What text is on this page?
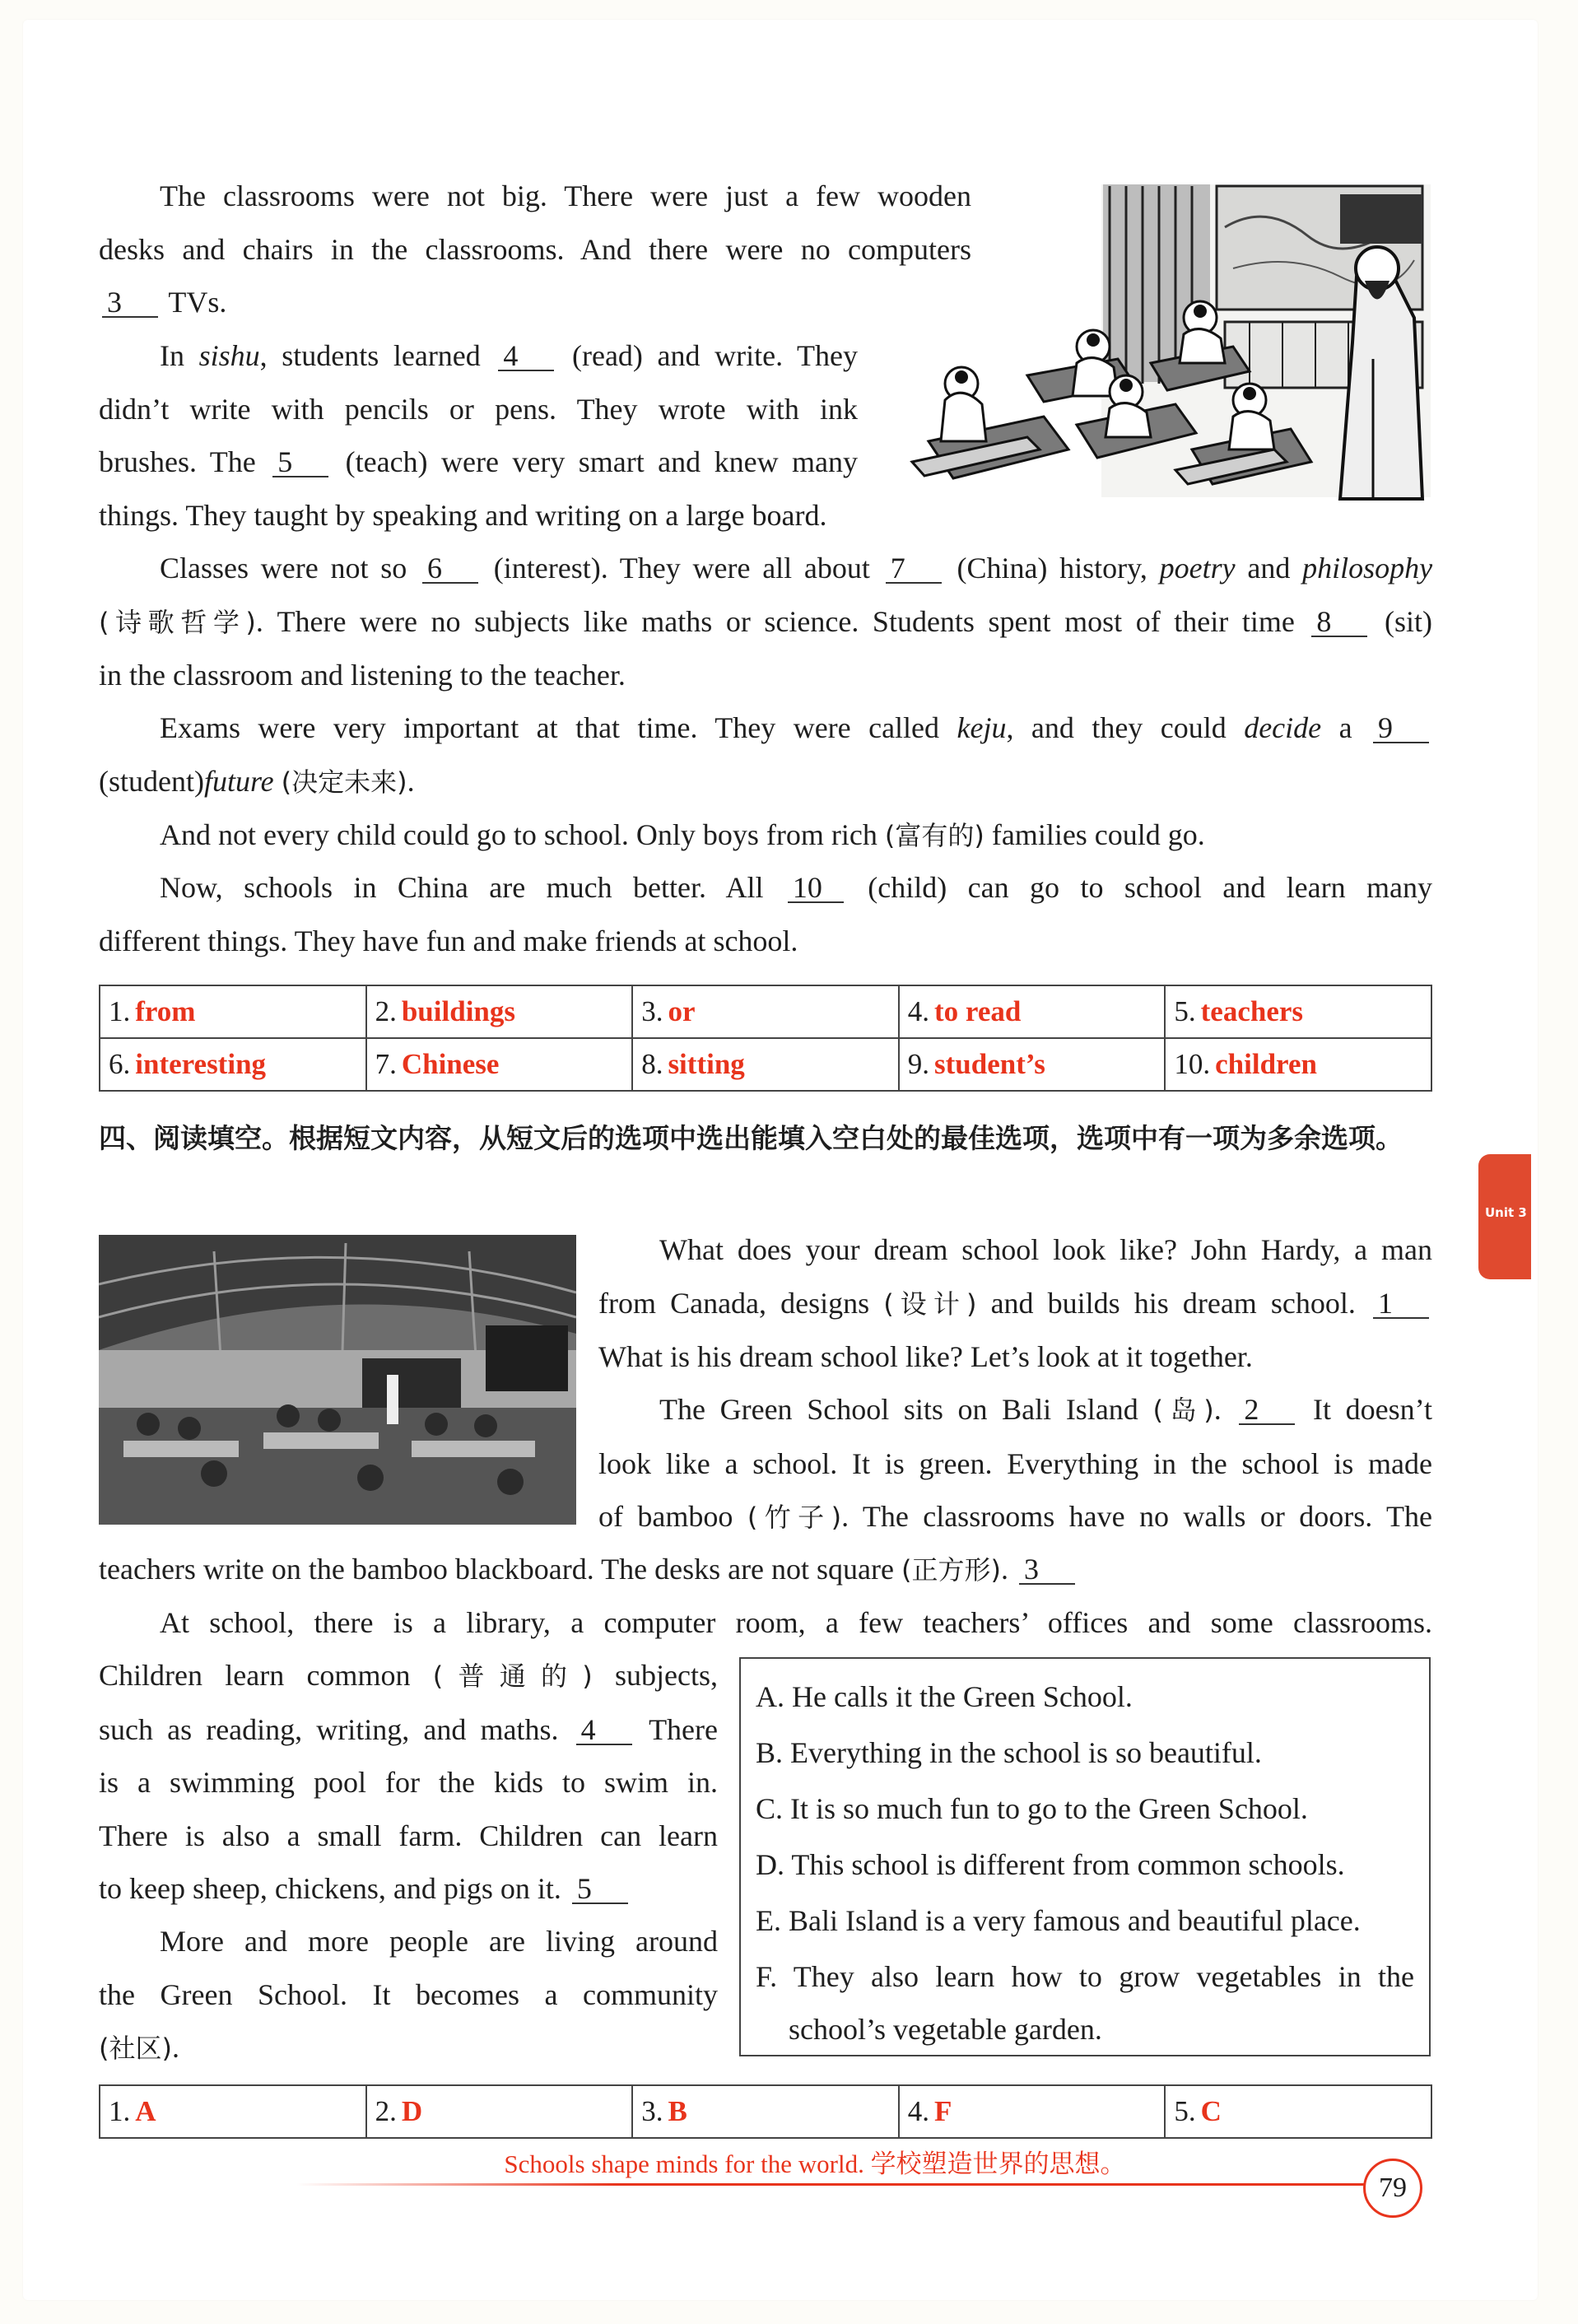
The classrooms were not big. There were just a few wooden
desks and chairs in the classrooms. And there were no computers
3 TVs.
In sishu, students learned 4 (read) and write. They
didn’t write with pencils or pens. They wrote with ink
brushes. The 5 (teach) were very smart and knew many
things. They taught by speaking and writing on a large board.
Classes were not so 6 (interest). They were all about 7 (China) history, poetry and philosophy
(诗歌哲学). There were no subjects like maths or science. Students spent most of their time 8 (sit)
in the classroom and listening to the teacher.
Exams were very important at that time. They were called keju, and they could decide a 9
(student)future (决定未来).
And not every child could go to school. Only boys from rich (富有的) families could go.
Now, schools in China are much better. All 10 (child) can go to school and learn many
different things. They have fun and make friends at school.
1. from	2. buildings	3. or	4. to read	5. teachers
6. interesting	7. Chinese	8. sitting	9. student’s	10. children

四、阅读填空。根据短文内容，从短文后的选项中选出能填入空白处的最佳选项，选项中有一项为多余选项。

Unit 3
What does your dream school look like? John Hardy, a man
from Canada, designs (设计) and builds his dream school. 1
What is his dream school like? Let’s look at it together.
The Green School sits on Bali Island (岛). 2 It doesn’t
look like a school. It is green. Everything in the school is made
of bamboo (竹子). The classrooms have no walls or doors. The
teachers write on the bamboo blackboard. The desks are not square (正方形). 3
At school, there is a library, a computer room, a few teachers’ offices and some classrooms.
Children learn common (普通的) subjects,
such as reading, writing, and maths. 4 There
is a swimming pool for the kids to swim in.
There is also a small farm. Children can learn
to keep sheep, chickens, and pigs on it. 5
More and more people are living around
the Green School. It becomes a community
(社区).

A. He calls it the Green School.

B. Everything in the school is so beautiful.

C. It is so much fun to go to the Green School.

D. This school is different from common schools.

E. Bali Island is a very famous and beautiful place.

F. They also learn how to grow vegetables in the

school’s vegetable garden.

1. A	2. D	3. B	4. F	5. C

Schools shape minds for the world. 学校塑造世界的思想。

79
